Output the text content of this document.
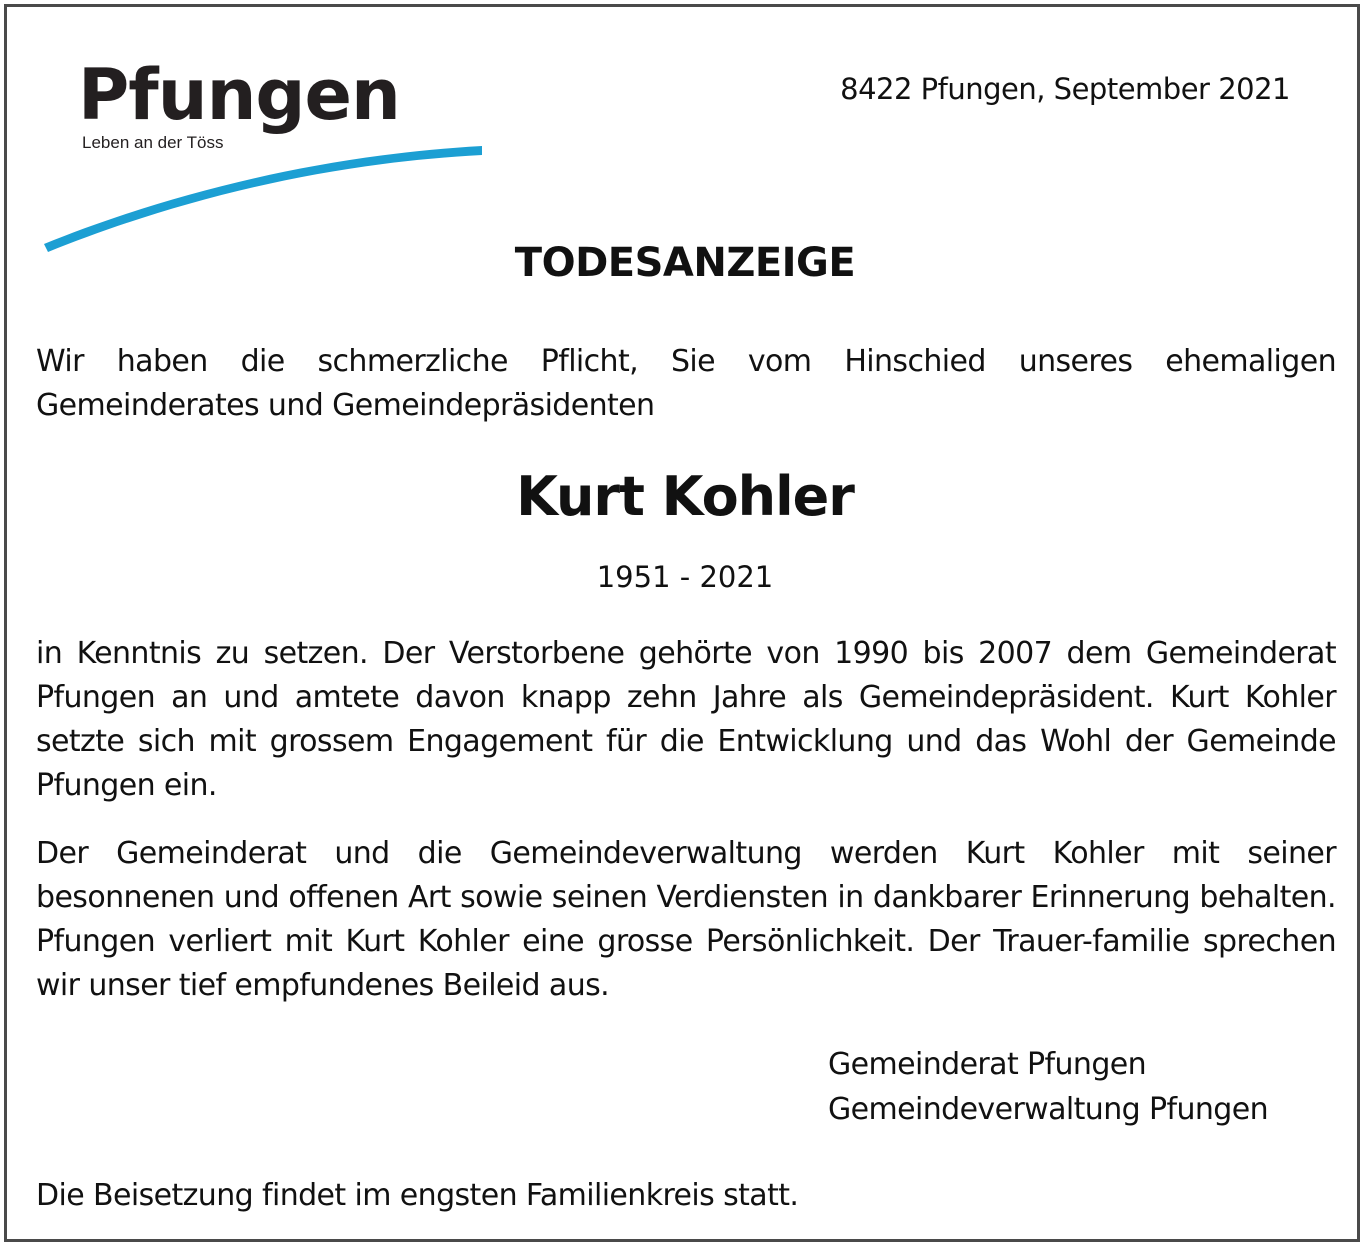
Pfungen
Leben an der Töss
8422 Pfungen, September 2021
TODESANZEIGE
Wir haben die schmerzliche Pflicht, Sie vom Hinschied unseres ehemaligen Gemeinderates und Gemeindepräsidenten
Kurt Kohler
1951 - 2021
in Kenntnis zu setzen. Der Verstorbene gehörte von 1990 bis 2007 dem Gemeinderat Pfungen an und amtete davon knapp zehn Jahre als Gemeindepräsident. Kurt Kohler setzte sich mit grossem Engagement für die Entwicklung und das Wohl der Gemeinde Pfungen ein.
Der Gemeinderat und die Gemeindeverwaltung werden Kurt Kohler mit seiner besonnenen und offenen Art sowie seinen Verdiensten in dankbarer Erinnerung behalten. Pfungen verliert mit Kurt Kohler eine grosse Persönlichkeit. Der Trauer-familie sprechen wir unser tief empfundenes Beileid aus.
Gemeinderat Pfungen
Gemeindeverwaltung Pfungen
Die Beisetzung findet im engsten Familienkreis statt.
